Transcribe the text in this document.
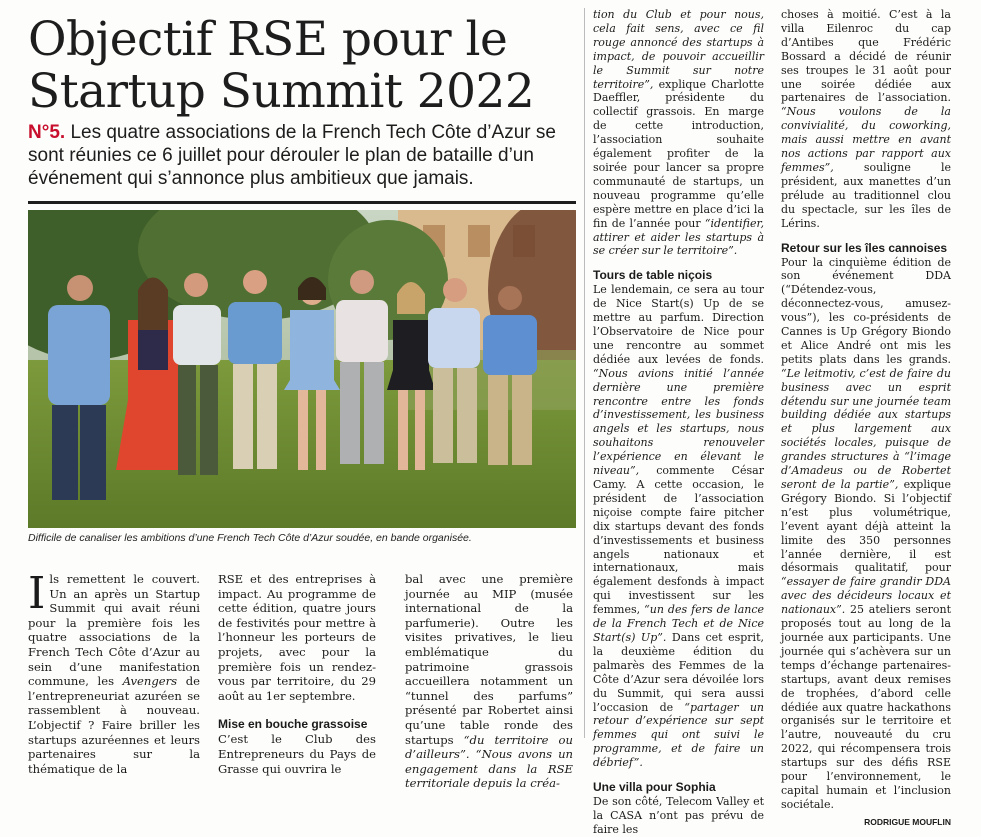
Objectif RSE pour le
Startup Summit 2022
N°5. Les quatre associations de la French Tech Côte d’Azur se sont réunies ce 6 juillet pour dérouler le plan de bataille d’un événement qui s’annonce plus ambitieux que jamais.
Difficile de canaliser les ambitions d’une French Tech Côte d’Azur soudée, en bande organisée.

Ils remettent le couvert. Un an après un Startup Summit qui avait réuni pour la première fois les quatre associations de la French Tech Côte d’Azur au sein d’une manifestation commune, les Avengers de l’entrepreneuriat azuréen se rassemblent à nouveau. L’objectif ? Faire briller les startups azuréennes et leurs partenaires sur la thématique de la

RSE et des entreprises à impact. Au programme de cette édition, quatre jours de festivités pour mettre à l’honneur les porteurs de projets, avec pour la première fois un rendez-vous par territoire, du 29 août au 1er septembre.

Mise en bouche grassoise

C’est le Club des Entrepreneurs du Pays de Grasse qui ouvrira le

bal avec une première journée au MIP (musée international de la parfumerie). Outre les visites privatives, le lieu emblématique du patrimoine grassois accueillera notamment un “tunnel des parfums” présenté par Robertet ainsi qu’une table ronde des startups “du territoire ou d’ailleurs”. “Nous avons un engagement dans la RSE territoriale depuis la créa-

tion du Club et pour nous, cela fait sens, avec ce fil rouge annoncé des startups à impact, de pouvoir accueillir le Summit sur notre territoire”, explique Charlotte Daeffler, présidente du collectif grassois. En marge de cette introduction, l’association souhaite également profiter de la soirée pour lancer sa propre communauté de startups, un nouveau programme qu’elle espère mettre en place d’ici la fin de l’année pour “identifier, attirer et aider les startups à se créer sur le territoire”.

Tours de table niçois

Le lendemain, ce sera au tour de Nice Start(s) Up de se mettre au parfum. Direction l’Observatoire de Nice pour une rencontre au sommet dédiée aux levées de fonds. “Nous avions initié l’année dernière une première rencontre entre les fonds d’investissement, les business angels et les startups, nous souhaitons renouveler l’expérience en élevant le niveau”, commente César Camy. A cette occasion, le président de l’association niçoise compte faire pitcher dix startups devant des fonds d’investissements et business angels nationaux et internationaux, mais également desfonds à impact qui investissent sur les femmes, “un des fers de lance de la French Tech et de Nice Start(s) Up”. Dans cet esprit, la deuxième édition du palmarès des Femmes de la Côte d’Azur sera dévoilée lors du Summit, qui sera aussi l’occasion de “partager un retour d’expérience sur sept femmes qui ont suivi le programme, et de faire un débrief”.

Une villa pour Sophia

De son côté, Telecom Valley et la CASA n’ont pas prévu de faire les

choses à moitié. C’est à la villa Eilenroc du cap d’Antibes que Frédéric Bossard a décidé de réunir ses troupes le 31 août pour une soirée dédiée aux partenaires de l’association. “Nous voulons de la convivialité, du coworking, mais aussi mettre en avant nos actions par rapport aux femmes”,	souligne le président, aux manettes d’un prélude au traditionnel clou du spectacle, sur les îles de Lérins.

Retour sur les îles cannoises

Pour la cinquième édition de son événement DDA (“Détendez-vous, déconnectez-vous, amusez-vous”), les co-présidents de Cannes is Up Grégory Biondo et Alice André ont mis les petits plats dans les grands. “Le leitmotiv, c’est de faire du business avec un esprit détendu sur une journée team building dédiée aux startups et plus largement aux sociétés locales, puisque de grandes structures à “l’image d’Amadeus ou de Robertet seront de la partie”, explique Grégory Biondo. Si l’objectif n’est plus volumétrique, l’event ayant déjà atteint la limite des 350 personnes l’année dernière, il est désormais qualitatif, pour “essayer de faire grandir DDA avec des décideurs locaux et nationaux”. 25 ateliers seront proposés tout au long de la journée aux participants. Une journée qui s’achèvera sur un temps d’échange partenaires-startups, avant deux remises de trophées, d’abord celle dédiée aux quatre hackathons organisés sur le territoire et l’autre, nouveauté du cru 2022, qui récompensera trois startups sur des défis RSE pour l’environnement, le capital humain et l’inclusion sociétale.

RODRIGUE MOUFLIN
